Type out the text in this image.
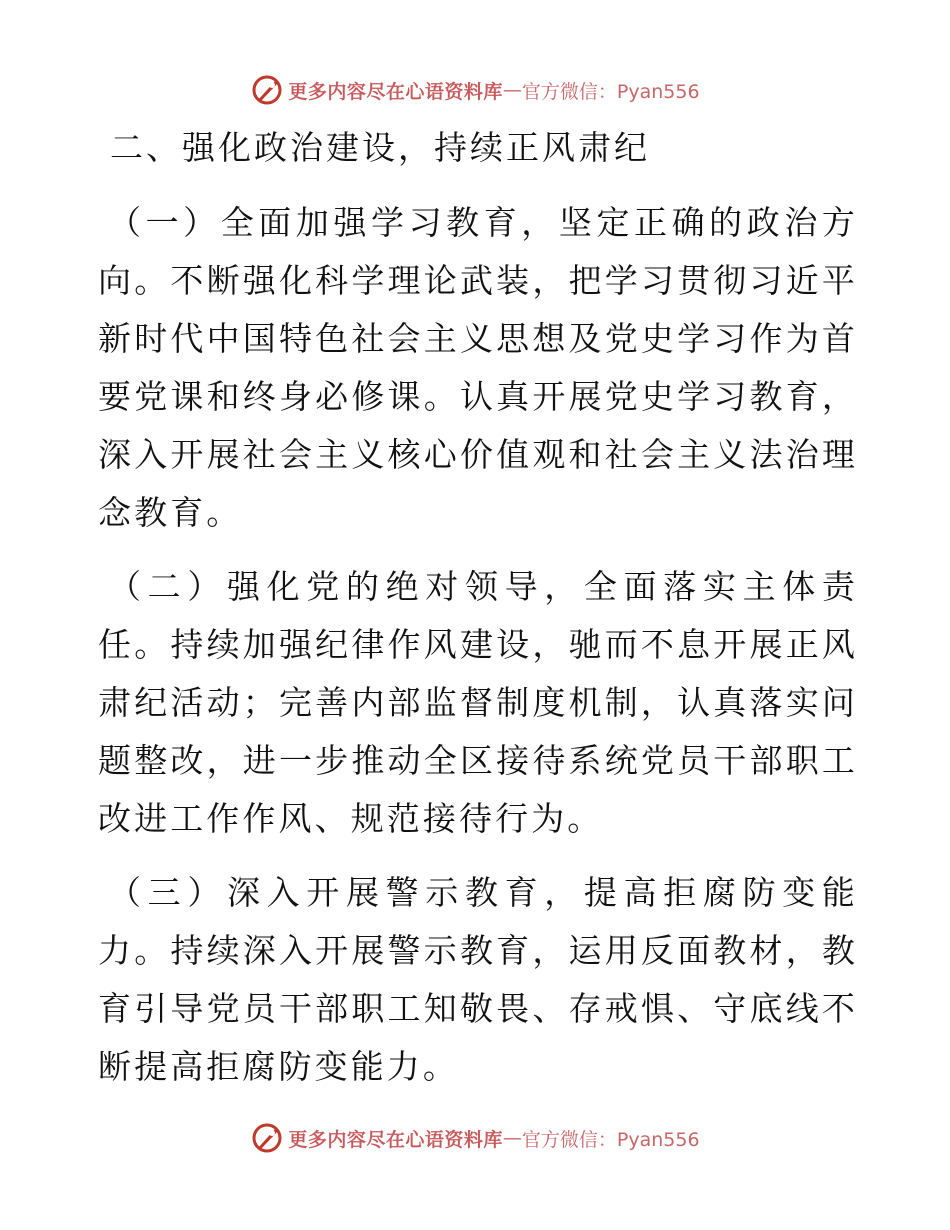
更多内容尽在心语资料库 — 官方微信：Pyan556
二、强化政治建设，持续正风肃纪

（一）全面加强学习教育，坚定正确的政治方向。不断强化科学理论武装，把学习贯彻习近平新时代中国特色社会主义思想及党史学习作为首要党课和终身必修课。认真开展党史学习教育，深入开展社会主义核心价值观和社会主义法治理念教育。

（二）强化党的绝对领导，全面落实主体责任。持续加强纪律作风建设，驰而不息开展正风肃纪活动；完善内部监督制度机制，认真落实问题整改，进一步推动全区接待系统党员干部职工改进工作作风、规范接待行为。

（三）深入开展警示教育，提高拒腐防变能力。持续深入开展警示教育，运用反面教材，教育引导党员干部职工知敬畏、存戒惧、守底线不断提高拒腐防变能力。

更多内容尽在心语资料库 — 官方微信：Pyan556
